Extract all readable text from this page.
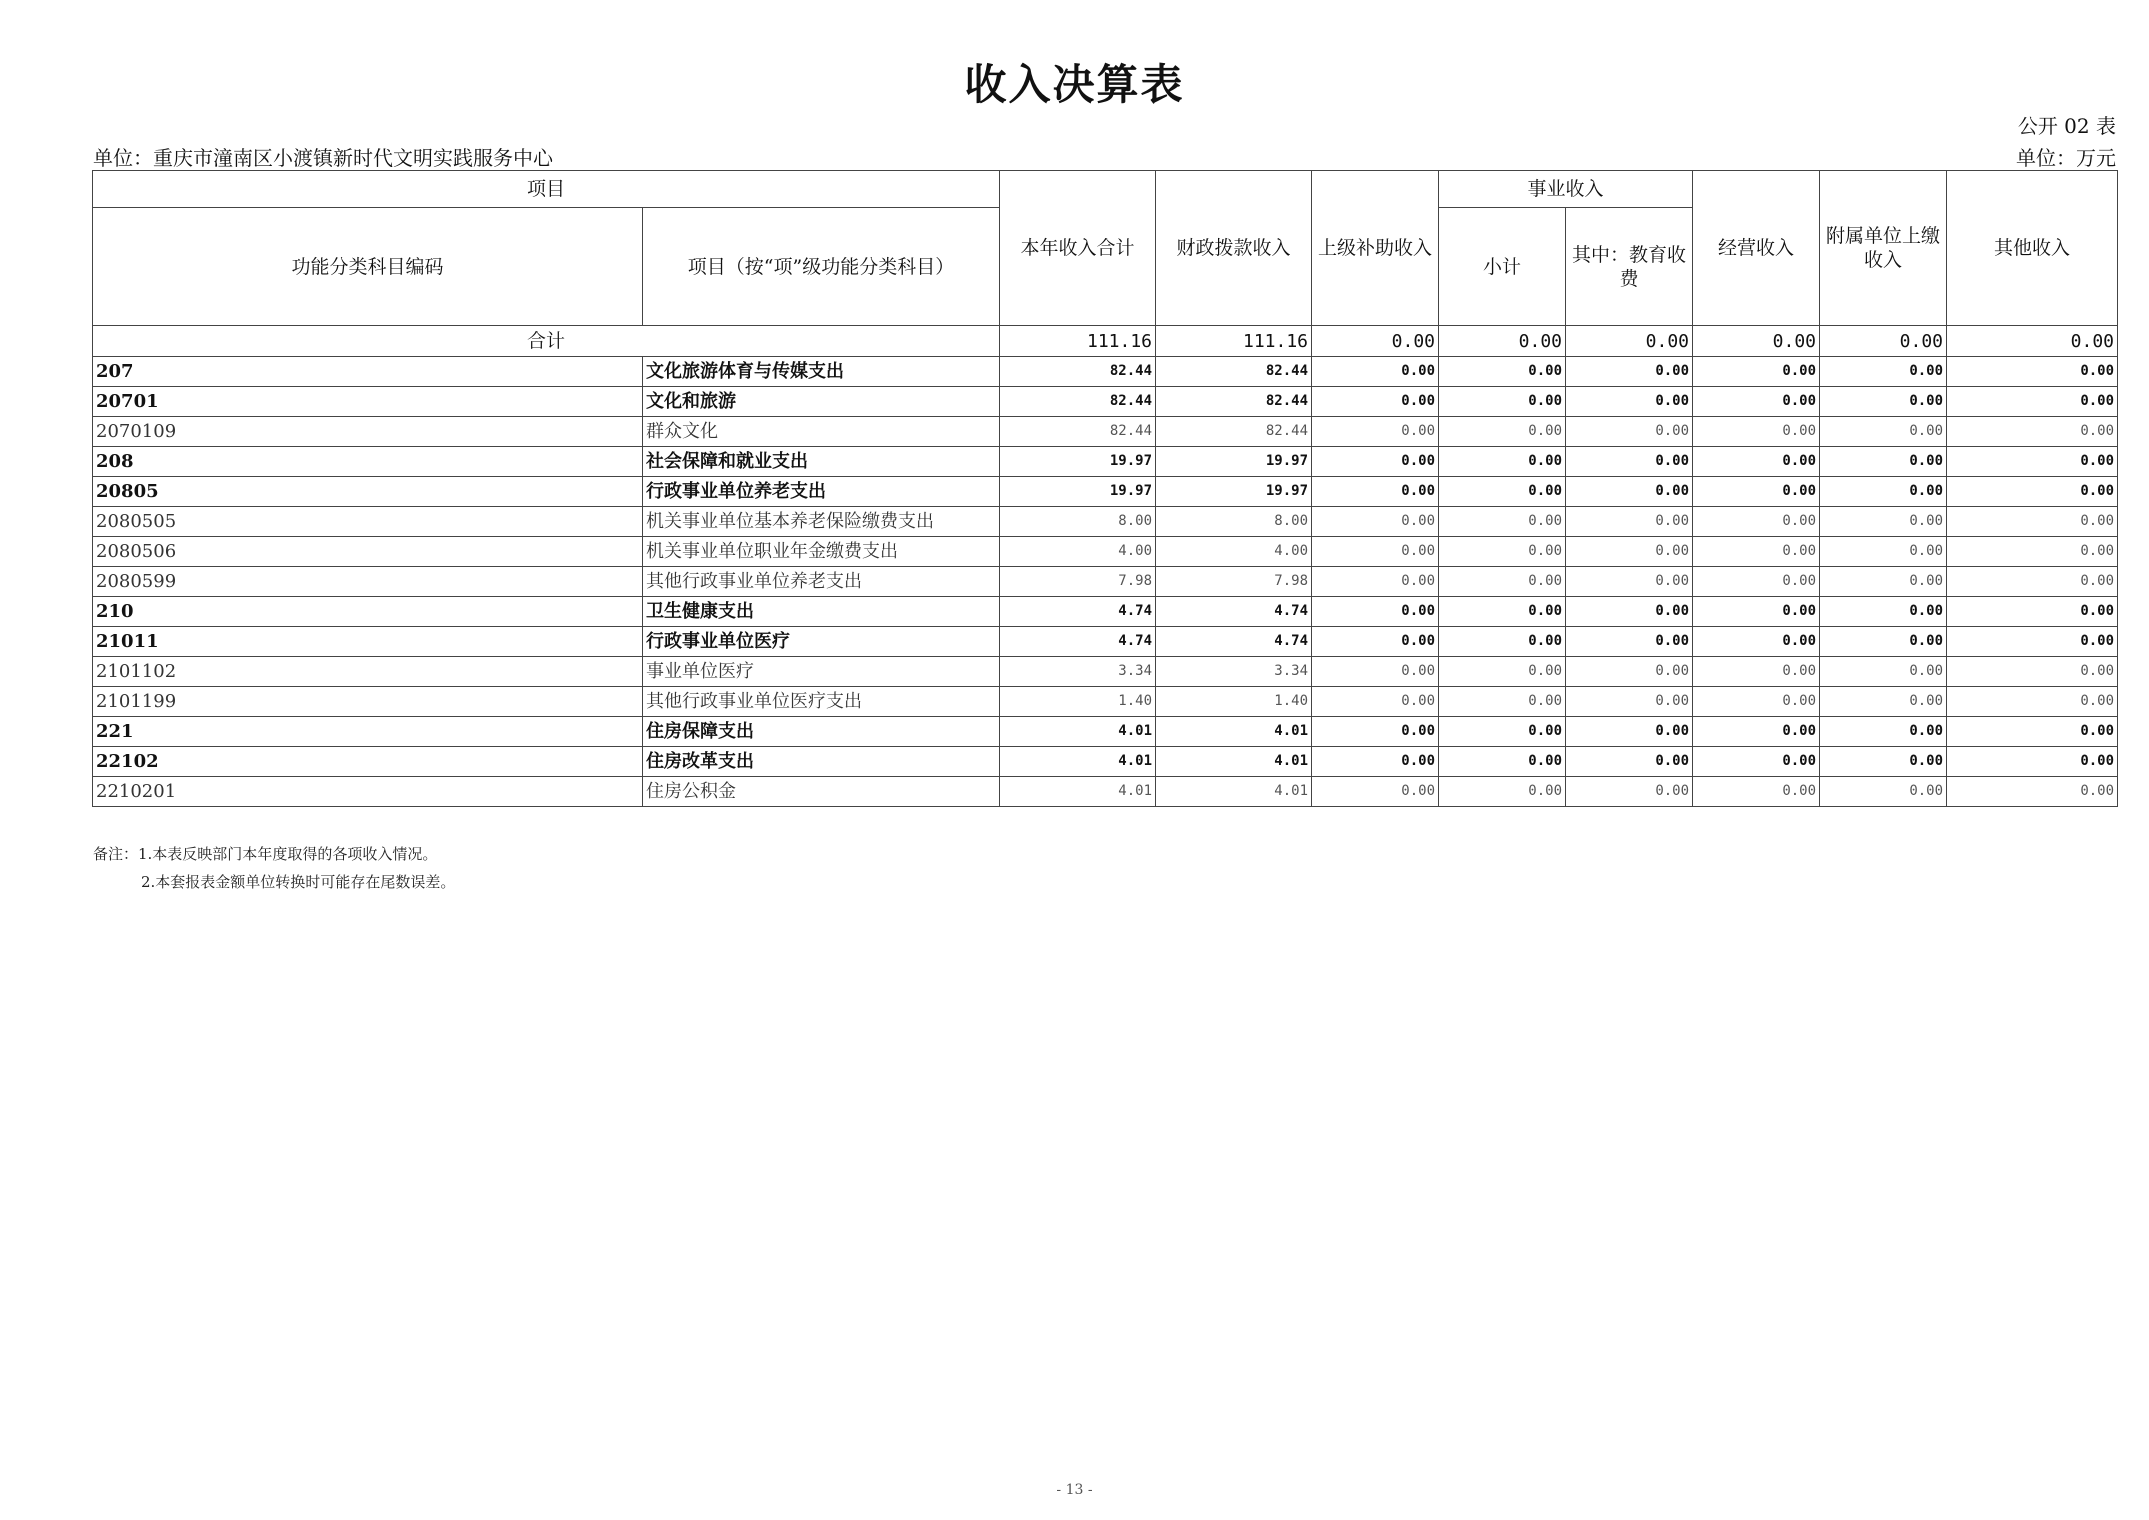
收入决算表
公开 02 表
单位：重庆市潼南区小渡镇新时代文明实践服务中心	单位：万元
项目		本年收入合计	财政拨款收入	上级补助收入	事业收入		经营收入	附属单位上缴收入	其他收入
功能分类科目编码	项目（按“项”级功能分类科目）				小计	其中：教育收费			
合计		111.16	111.16	0.00	0.00	0.00	0.00	0.00	0.00
207	文化旅游体育与传媒支出	82.44	82.44	0.00	0.00	0.00	0.00	0.00	0.00
20701	文化和旅游	82.44	82.44	0.00	0.00	0.00	0.00	0.00	0.00
2070109	群众文化	82.44	82.44	0.00	0.00	0.00	0.00	0.00	0.00
208	社会保障和就业支出	19.97	19.97	0.00	0.00	0.00	0.00	0.00	0.00
20805	行政事业单位养老支出	19.97	19.97	0.00	0.00	0.00	0.00	0.00	0.00
2080505	机关事业单位基本养老保险缴费支出	8.00	8.00	0.00	0.00	0.00	0.00	0.00	0.00
2080506	机关事业单位职业年金缴费支出	4.00	4.00	0.00	0.00	0.00	0.00	0.00	0.00
2080599	其他行政事业单位养老支出	7.98	7.98	0.00	0.00	0.00	0.00	0.00	0.00
210	卫生健康支出	4.74	4.74	0.00	0.00	0.00	0.00	0.00	0.00
21011	行政事业单位医疗	4.74	4.74	0.00	0.00	0.00	0.00	0.00	0.00
2101102	事业单位医疗	3.34	3.34	0.00	0.00	0.00	0.00	0.00	0.00
2101199	其他行政事业单位医疗支出	1.40	1.40	0.00	0.00	0.00	0.00	0.00	0.00
221	住房保障支出	4.01	4.01	0.00	0.00	0.00	0.00	0.00	0.00
22102	住房改革支出	4.01	4.01	0.00	0.00	0.00	0.00	0.00	0.00
2210201	住房公积金	4.01	4.01	0.00	0.00	0.00	0.00	0.00	0.00
备注：1.本表反映部门本年度取得的各项收入情况。
2.本套报表金额单位转换时可能存在尾数误差。
- 13 -
